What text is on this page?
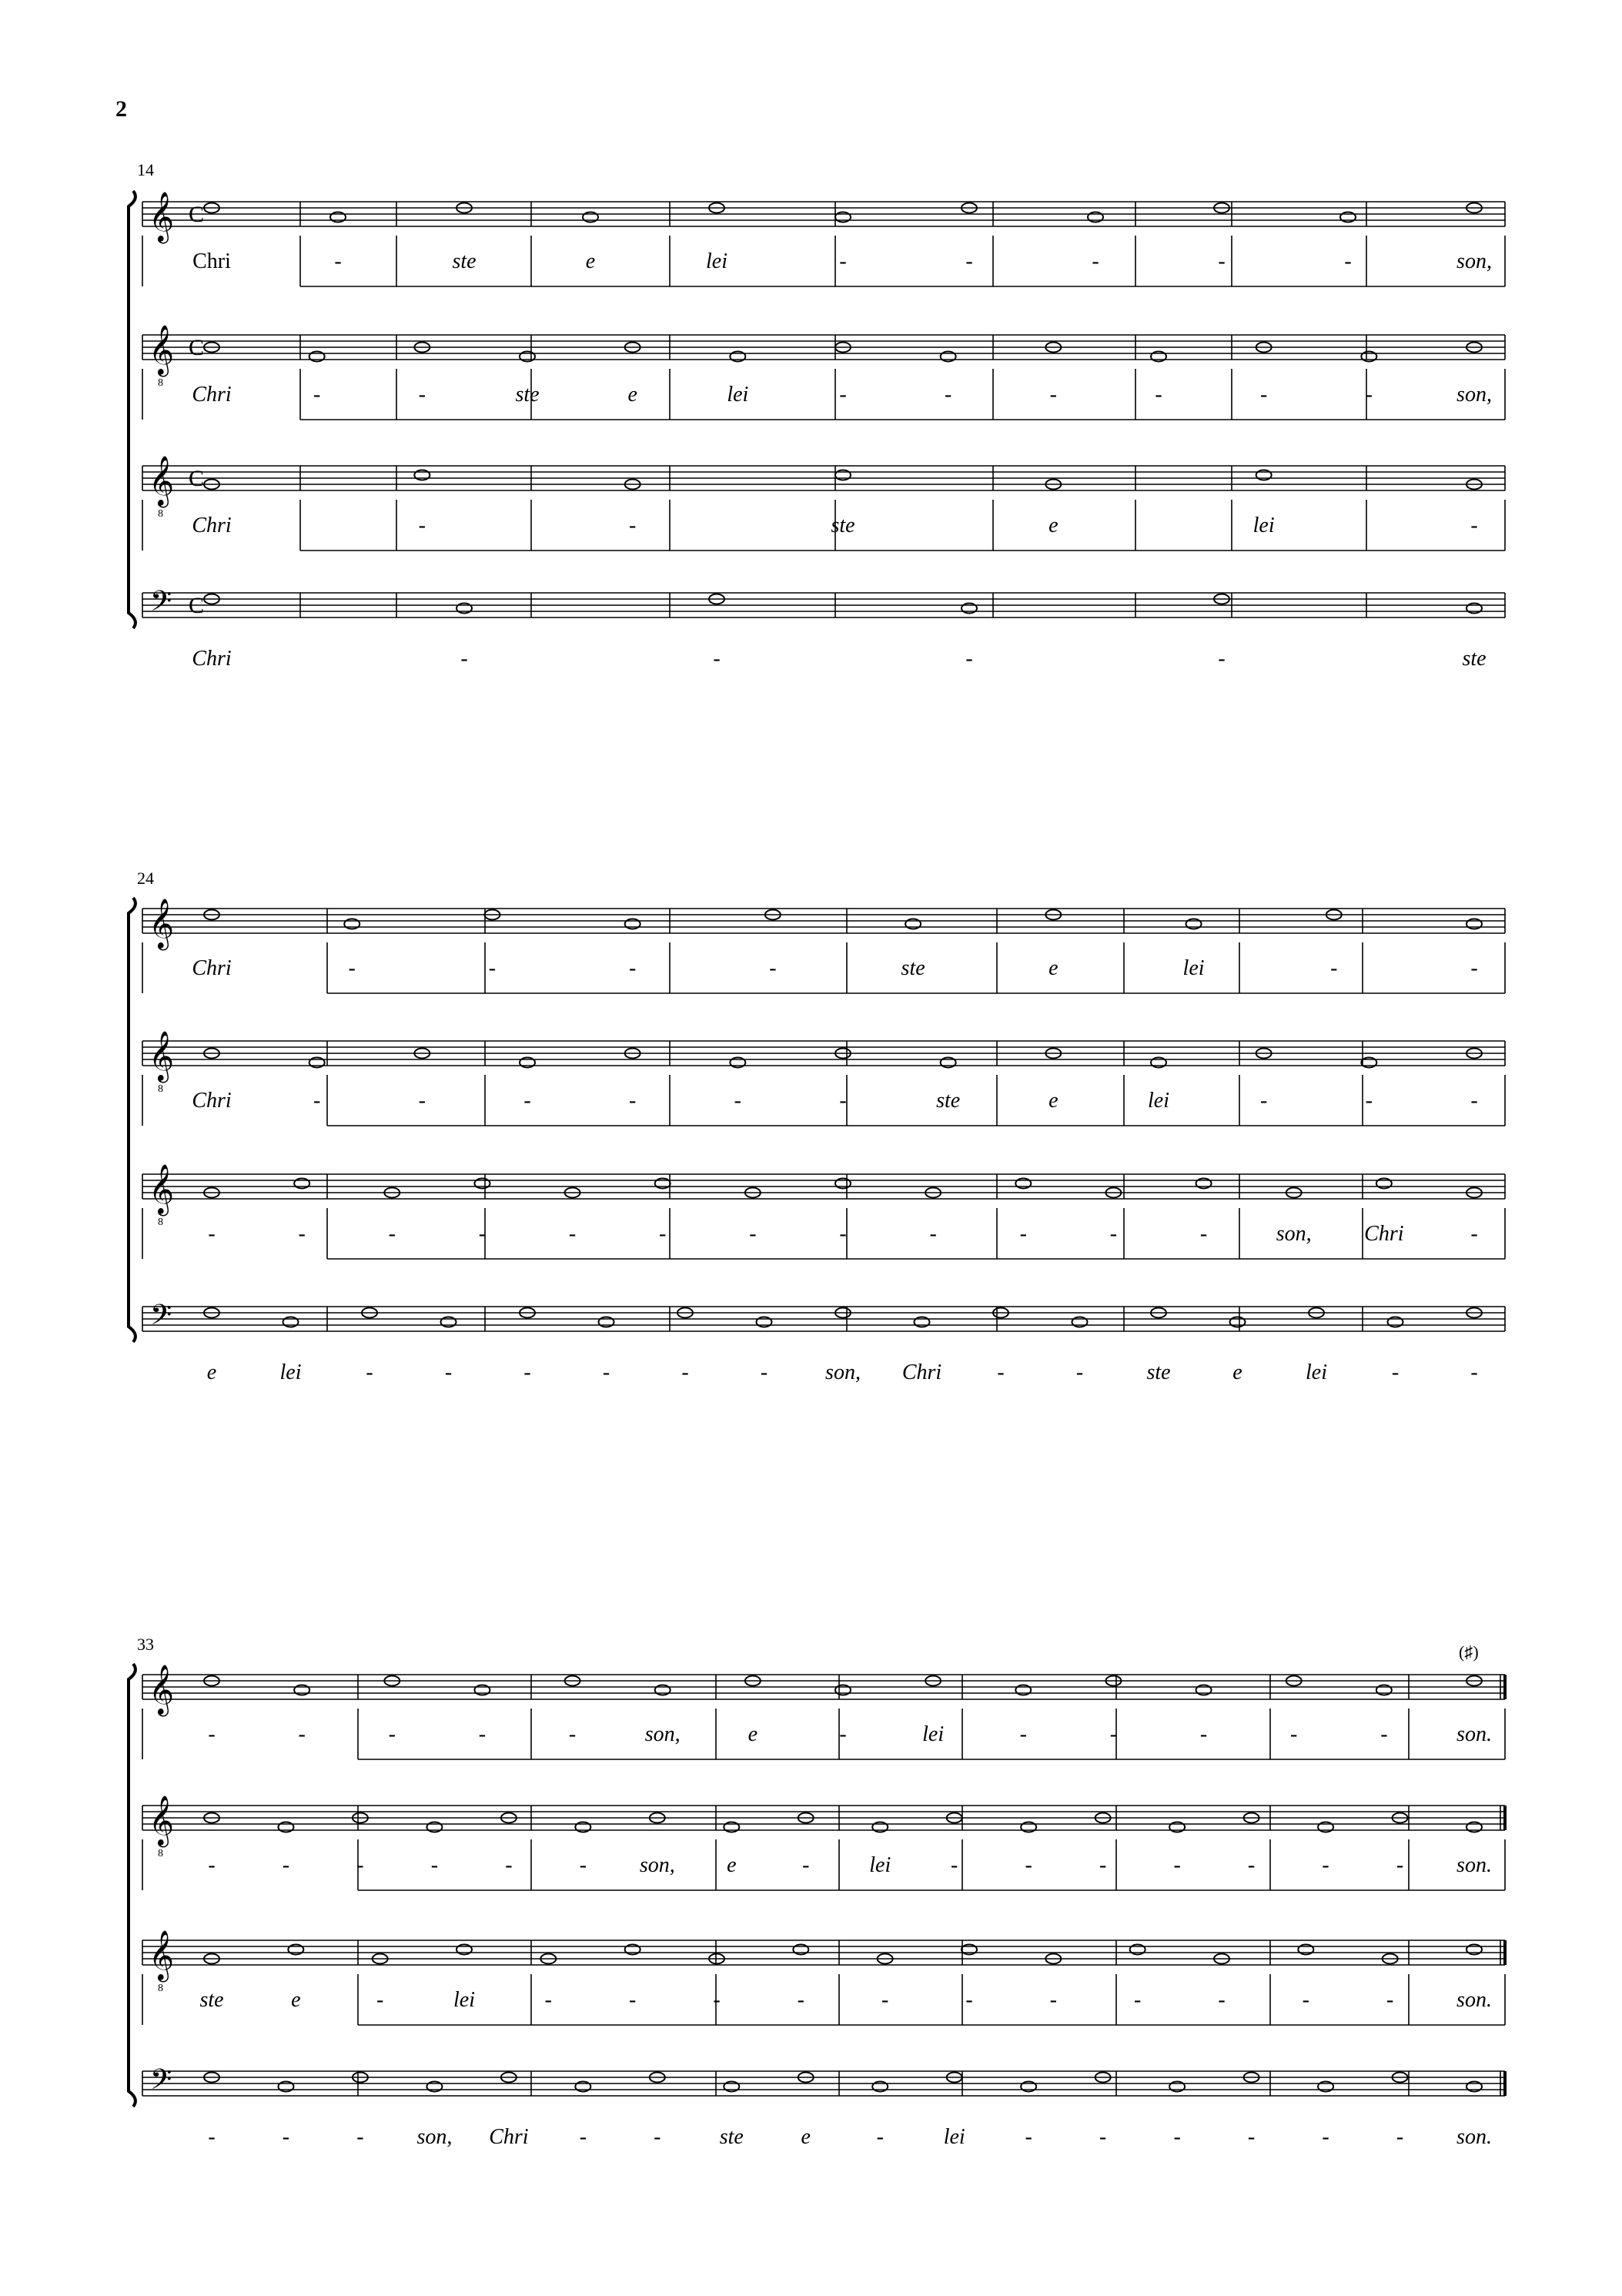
2
14
𝄞 C
Chri	-	ste	e	lei	-	-	-	-	-	son,
𝄞
8
C
Chri	-	-	ste	e	lei	-	-	-	-	-	-	son,
𝄞
8
C
Chri	-	-	ste	e	lei	-
𝄢 C
Chri	-	-	-	-	ste
24
𝄞
Chri	-	-	-	-	ste	e	lei	-	-
𝄞
8 Chri	-	-	-	-	-	-	ste	e	lei	-	-	-
𝄞
8 -	-	-	-	-	-	-	-	-	-	-	-	son, Chri	-
𝄢
e	lei	-	-	-	-	-	-	son, Chri	-	-	ste	e	lei	-	-
33
𝄞
-	-	-	-	-	son,	e	-	lei	-	-	-	-	-	son.
(♯)
𝄞
8 -	-	-	-	-	- son, e	-	lei	-	-	-	-	-	-	- son.
𝄞
8 ste	e	-	lei	-	-	-	-	-	-	-	-	-	-	-	son.
𝄢
-	-	- son, Chri -	-	ste	e	-	lei	-	-	-	-	-	- son.
